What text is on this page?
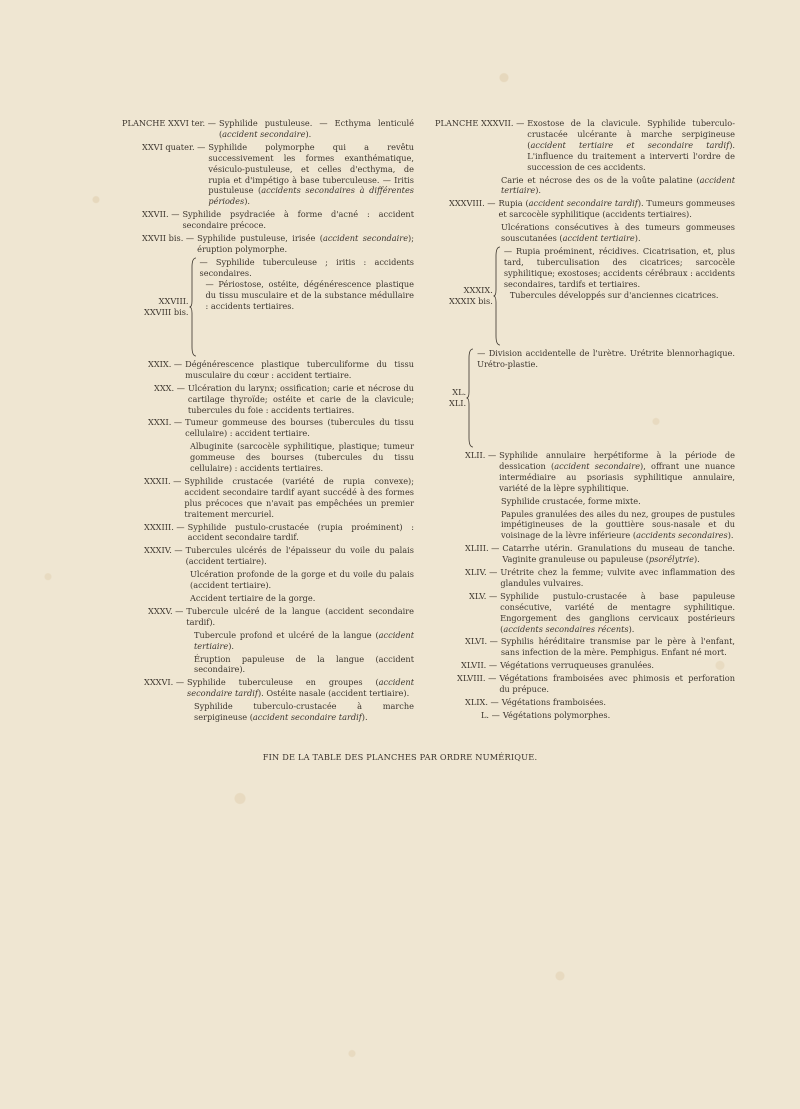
PLANCHE XXVI ter. — Syphilide pustuleuse. — Ecthyma lenticulé (accident secondaire).
XXVI quater. — Syphilide polymorphe qui a revêtu successivement les formes exanthématique, vésiculo-pustuleuse, et celles d'ecthyma, de rupia et d'impétigo à base tuberculeuse. — Iritis pustuleuse (accidents secondaires à différentes périodes).
XXVII. — Syphilide psydraciée à forme d'acné : accident secondaire précoce.
XXVII bis. — Syphilide pustuleuse, irisée (accident secondaire); éruption polymorphe.
XXVIII.
XXVIII bis.
— Syphilide tuberculeuse ; iritis : accidents secondaires.
— Périostose, ostéite, dégénérescence plastique du tissu musculaire et de la substance médullaire : accidents tertiaires.
XXIX. — Dégénérescence plastique tuberculiforme du tissu musculaire du cœur : accident tertiaire.
XXX. — Ulcération du larynx; ossification; carie et nécrose du cartilage thyroïde; ostéite et carie de la clavicule; tubercules du foie : accidents tertiaires.
XXXI. — Tumeur gommeuse des bourses (tubercules du tissu cellulaire) : accident tertiaire.
Albuginite (sarcocèle syphilitique, plastique; tumeur gommeuse des bourses (tubercules du tissu cellulaire) : accidents tertiaires.
XXXII. — Syphilide crustacée (variété de rupia convexe); accident secondaire tardif ayant succédé à des formes plus précoces que n'avait pas empêchées un premier traitement mercuriel.
XXXIII. — Syphilide pustulo-crustacée (rupia proéminent) : accident secondaire tardif.
XXXIV. — Tubercules ulcérés de l'épaisseur du voile du palais (accident tertiaire).
Ulcération profonde de la gorge et du voile du palais (accident tertiaire).
Accident tertiaire de la gorge.
XXXV. — Tubercule ulcéré de la langue (accident secondaire tardif).
Tubercule profond et ulcéré de la langue (accident tertiaire).
Éruption papuleuse de la langue (accident secondaire).
XXXVI. — Syphilide tuberculeuse en groupes (accident secondaire tardif). Ostéite nasale (accident tertiaire).
Syphilide tuberculo-crustacée à marche serpigineuse (accident secondaire tardif).
PLANCHE XXXVII. — Exostose de la clavicule. Syphilide tuberculo-crustacée ulcérante à marche serpigineuse (accident tertiaire et secondaire tardif). L'influence du traitement a interverti l'ordre de succession de ces accidents.
Carie et nécrose des os de la voûte palatine (accident tertiaire).
XXXVIII. — Rupia (accident secondaire tardif). Tumeurs gommeuses et sarcocèle syphilitique (accidents tertiaires).
Ulcérations consécutives à des tumeurs gommeuses souscutanées (accident tertiaire).
XXXIX.
XXXIX bis.
— Rupia proéminent, récidives. Cicatrisation, et, plus tard, tuberculisation des cicatrices; sarcocèle syphilitique; exostoses; accidents cérébraux : accidents secondaires, tardifs et tertiaires.
Tubercules développés sur d'anciennes cicatrices.
XL.
XLI.
— Division accidentelle de l'urètre. Urétrite blennorhagique. Urétro-plastie.
XLII. — Syphilide annulaire herpétiforme à la période de dessication (accident secondaire), offrant une nuance intermédiaire au psoriasis syphilitique annulaire, variété de la lèpre syphilitique.
Syphilide crustacée, forme mixte.
Papules granulées des ailes du nez, groupes de pustules impétigineuses de la gouttière sous-nasale et du voisinage de la lèvre inférieure (accidents secondaires).
XLIII. — Catarrhe utérin. Granulations du museau de tanche. Vaginite granuleuse ou papuleuse (psorélytrie).
XLIV. — Urétrite chez la femme; vulvite avec inflammation des glandules vulvaires.
XLV. — Syphilide pustulo-crustacée à base papuleuse consécutive, variété de mentagre syphilitique. Engorgement des ganglions cervicaux postérieurs (accidents secondaires récents).
XLVI. — Syphilis héréditaire transmise par le père à l'enfant, sans infection de la mère. Pemphigus. Enfant né mort.
XLVII. — Végétations verruqueuses granulées.
XLVIII. — Végétations framboisées avec phimosis et perforation du prépuce.
XLIX. — Végétations framboisées.
L. — Végétations polymorphes.
FIN DE LA TABLE DES PLANCHES PAR ORDRE NUMÉRIQUE.
